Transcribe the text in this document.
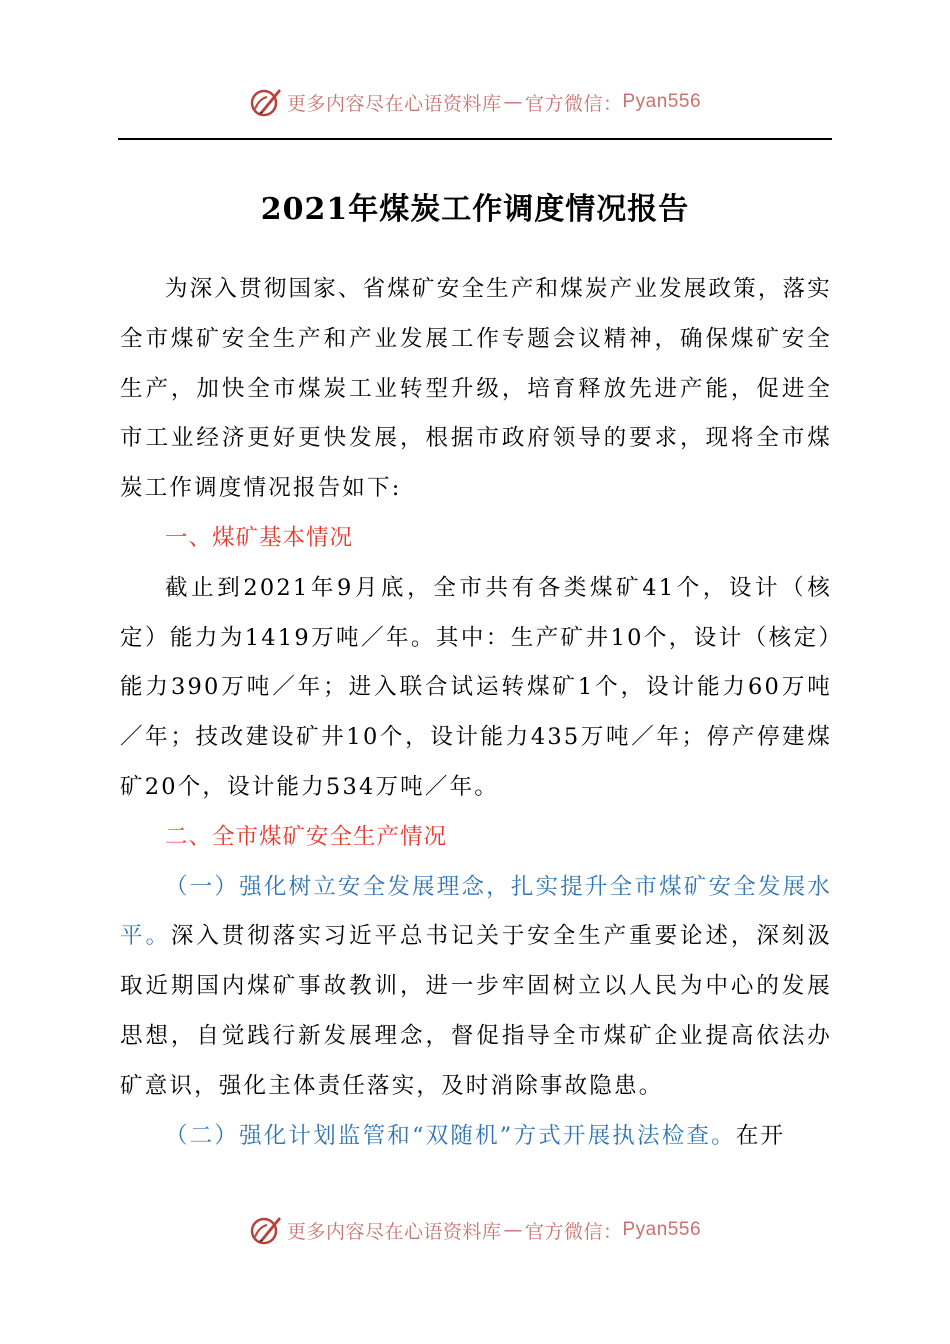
更多内容尽在心语资料库 — 官方微信： Pyan556
2021年煤炭工作调度情况报告

为深入贯彻国家、省煤矿安全生产和煤炭产业发展政策，落实全市煤矿安全生产和产业发展工作专题会议精神，确保煤矿安全生产，加快全市煤炭工业转型升级，培育释放先进产能，促进全市工业经济更好更快发展，根据市政府领导的要求，现将全市煤炭工作调度情况报告如下:

一、煤矿基本情况

截止到2021年9月底，全市共有各类煤矿41个，设计（核定）能力为1419万吨／年。其中：生产矿井10个，设计（核定）能力390万吨／年；进入联合试运转煤矿1个，设计能力60万吨／年；技改建设矿井10个，设计能力435万吨／年；停产停建煤矿20个，设计能力534万吨／年。

二、全市煤矿安全生产情况

（一）强化树立安全发展理念，扎实提升全市煤矿安全发展水平。深入贯彻落实习近平总书记关于安全生产重要论述，深刻汲取近期国内煤矿事故教训，进一步牢固树立以人民为中心的发展思想，自觉践行新发展理念，督促指导全市煤矿企业提高依法办矿意识，强化主体责任落实，及时消除事故隐患。

（二）强化计划监管和“双随机”方式开展执法检查。在开

更多内容尽在心语资料库 — 官方微信： Pyan556
